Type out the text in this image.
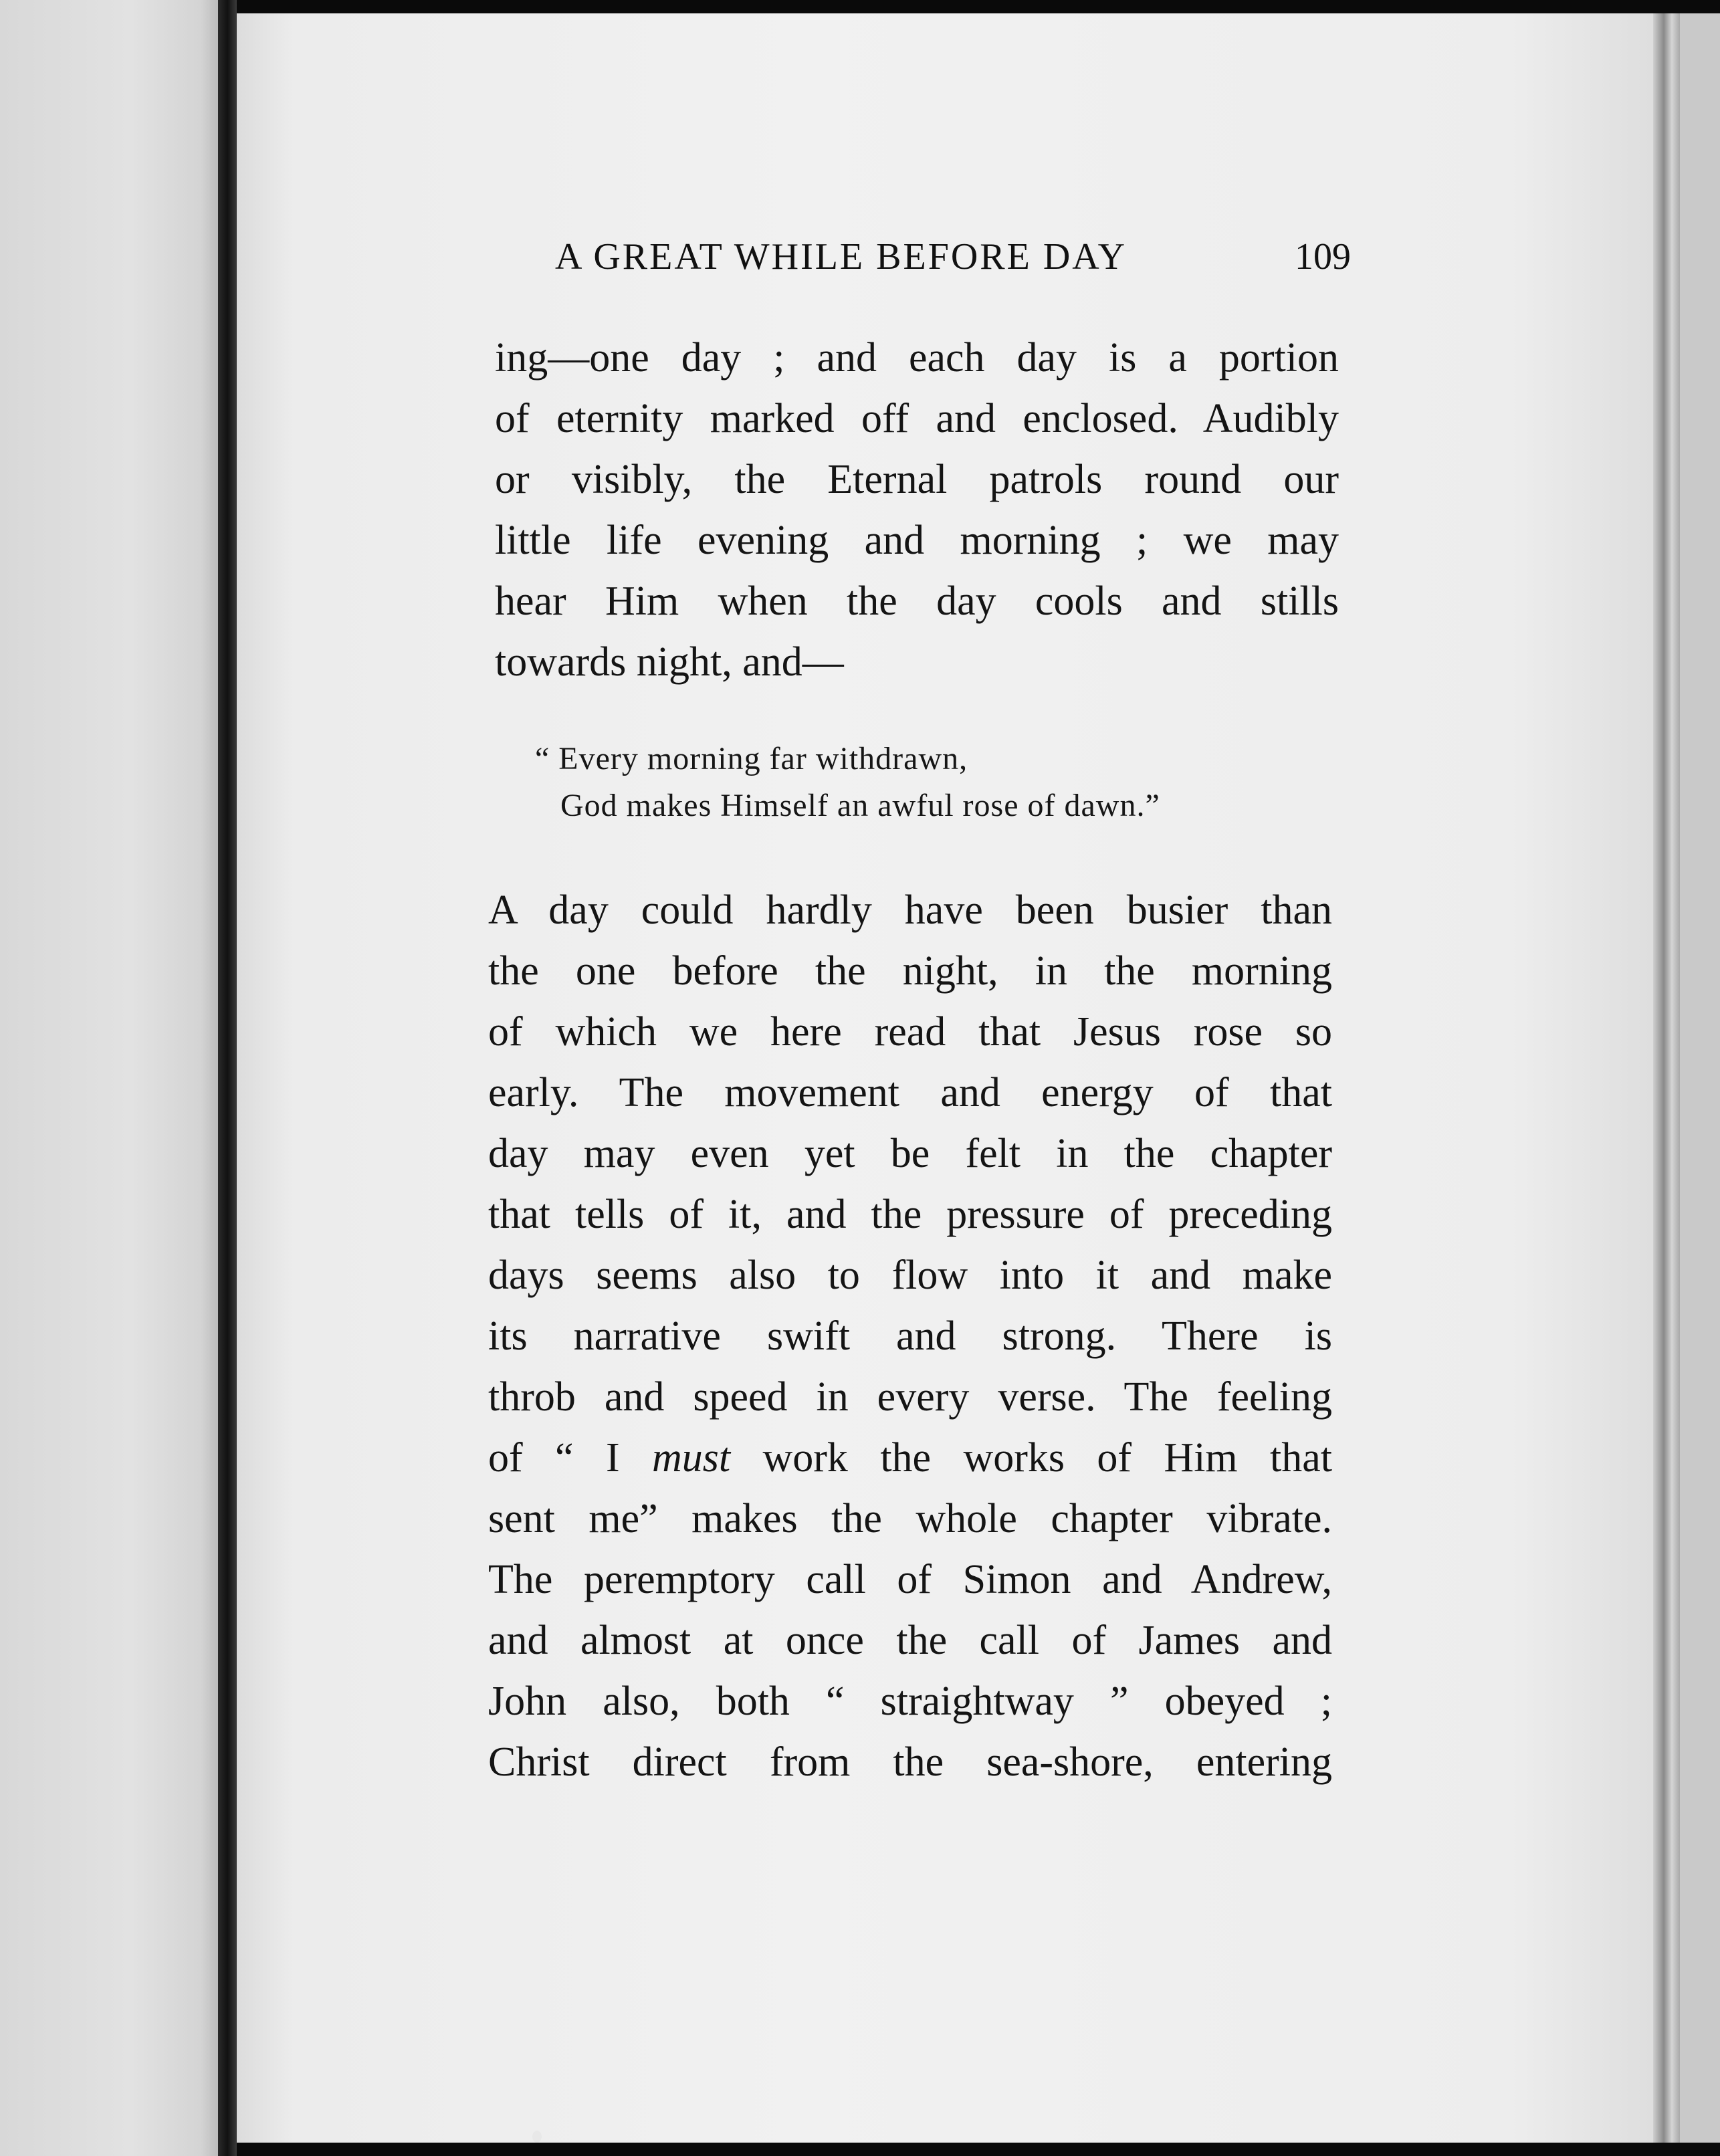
A GREAT WHILE BEFORE DAY	109
ing—one day ; and each day is a portion
of eternity marked off and enclosed. Audibly
or visibly, the Eternal patrols round our
little life evening and morning ; we may
hear Him when the day cools and stills
towards night, and—
“ Every morning far withdrawn,
God makes Himself an awful rose of dawn.”
A day could hardly have been busier than
the one before the night, in the morning
of which we here read that Jesus rose so
early. The movement and energy of that
day may even yet be felt in the chapter
that tells of it, and the pressure of preceding
days seems also to flow into it and make
its narrative swift and strong. There is
throb and speed in every verse. The feeling
of “ I must work the works of Him that
sent me” makes the whole chapter vibrate.
The peremptory call of Simon and Andrew,
and almost at once the call of James and
John also, both “ straightway ” obeyed ;
Christ direct from the sea-shore, entering
